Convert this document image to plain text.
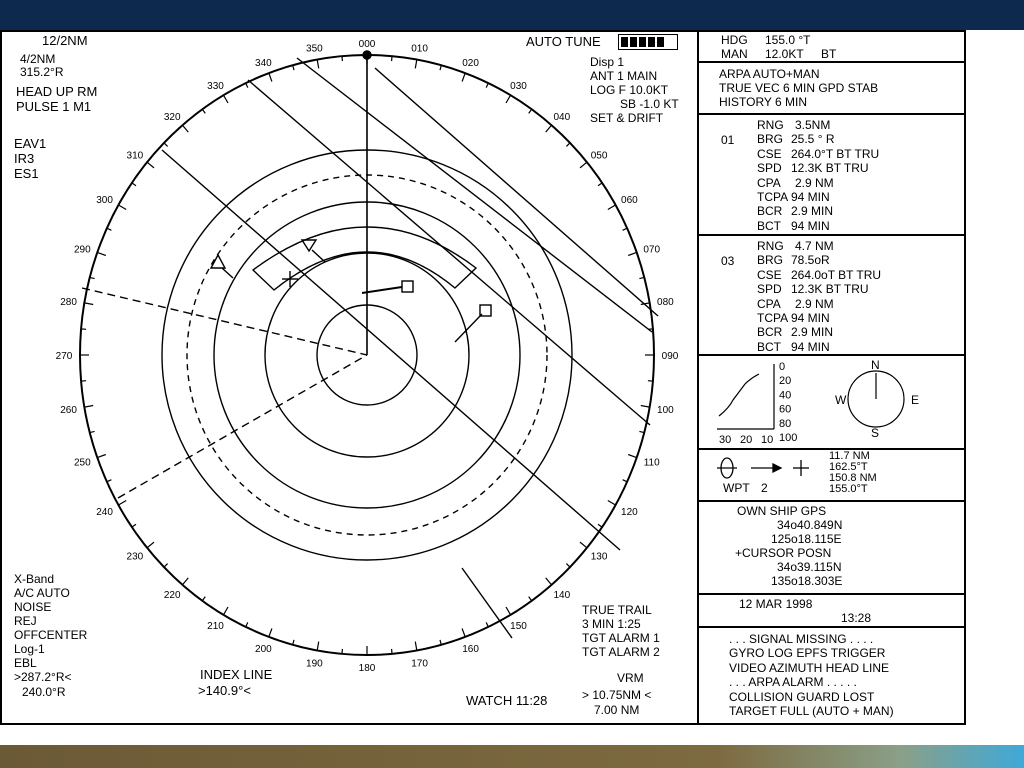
000	010
020
030
040
050
060
070
080
090
100
110
120
130
140
150
160
170
180
190
200
210
220
230
240
250
260
270
280
290
300
310
320
330
340
350
12/2NM
4/2NM
315.2°R
HEAD UP RM
PULSE 1 M1
EAV1
IR3
ES1
AUTO TUNE
Disp 1
ANT 1 MAIN
LOG F 10.0KT
SB -1.0 KT
SET & DRIFT
X-Band
A/C AUTO
NOISE
REJ
OFFCENTER
Log-1
EBL
>287.2°R<
240.0°R
INDEX LINE
>140.9°<
WATCH 11:28
TRUE TRAIL
3 MIN 1:25
TGT ALARM 1
TGT ALARM 2
VRM
> 10.75NM <
7.00 NM
HDG 155.0 °T
MAN 12.0KT BT
ARPA AUTO+MAN
TRUE VEC 6 MIN GPD STAB
HISTORY 6 MIN
01
RNG 3.5NM
BRG 25.5 ° R
CSE 264.0°T BT TRU
SPD 12.3K BT TRU
CPA 2.9 NM
TCPA 94 MIN
BCR 2.9 MIN
BCT 94 MIN
03
RNG 4.7 NM
BRG 78.5oR
CSE 264.0oT BT TRU
SPD 12.3K BT TRU
CPA 2.9 NM
TCPA 94 MIN
BCR 2.9 MIN
BCT 94 MIN
0
20
40
60
80
100
30 20 10
N
S
E
W
WPT 2
11.7 NM
162.5°T
150.8 NM
155.0°T
OWN SHIP GPS
34o40.849N
125o18.115E
+CURSOR POSN
34o39.115N
135o18.303E
12 MAR 1998
13:28
. . . SIGNAL MISSING . . . .
GYRO LOG EPFS TRIGGER
VIDEO AZIMUTH HEAD LINE
. . . ARPA ALARM . . . . .
COLLISION GUARD LOST
TARGET FULL (AUTO + MAN)
